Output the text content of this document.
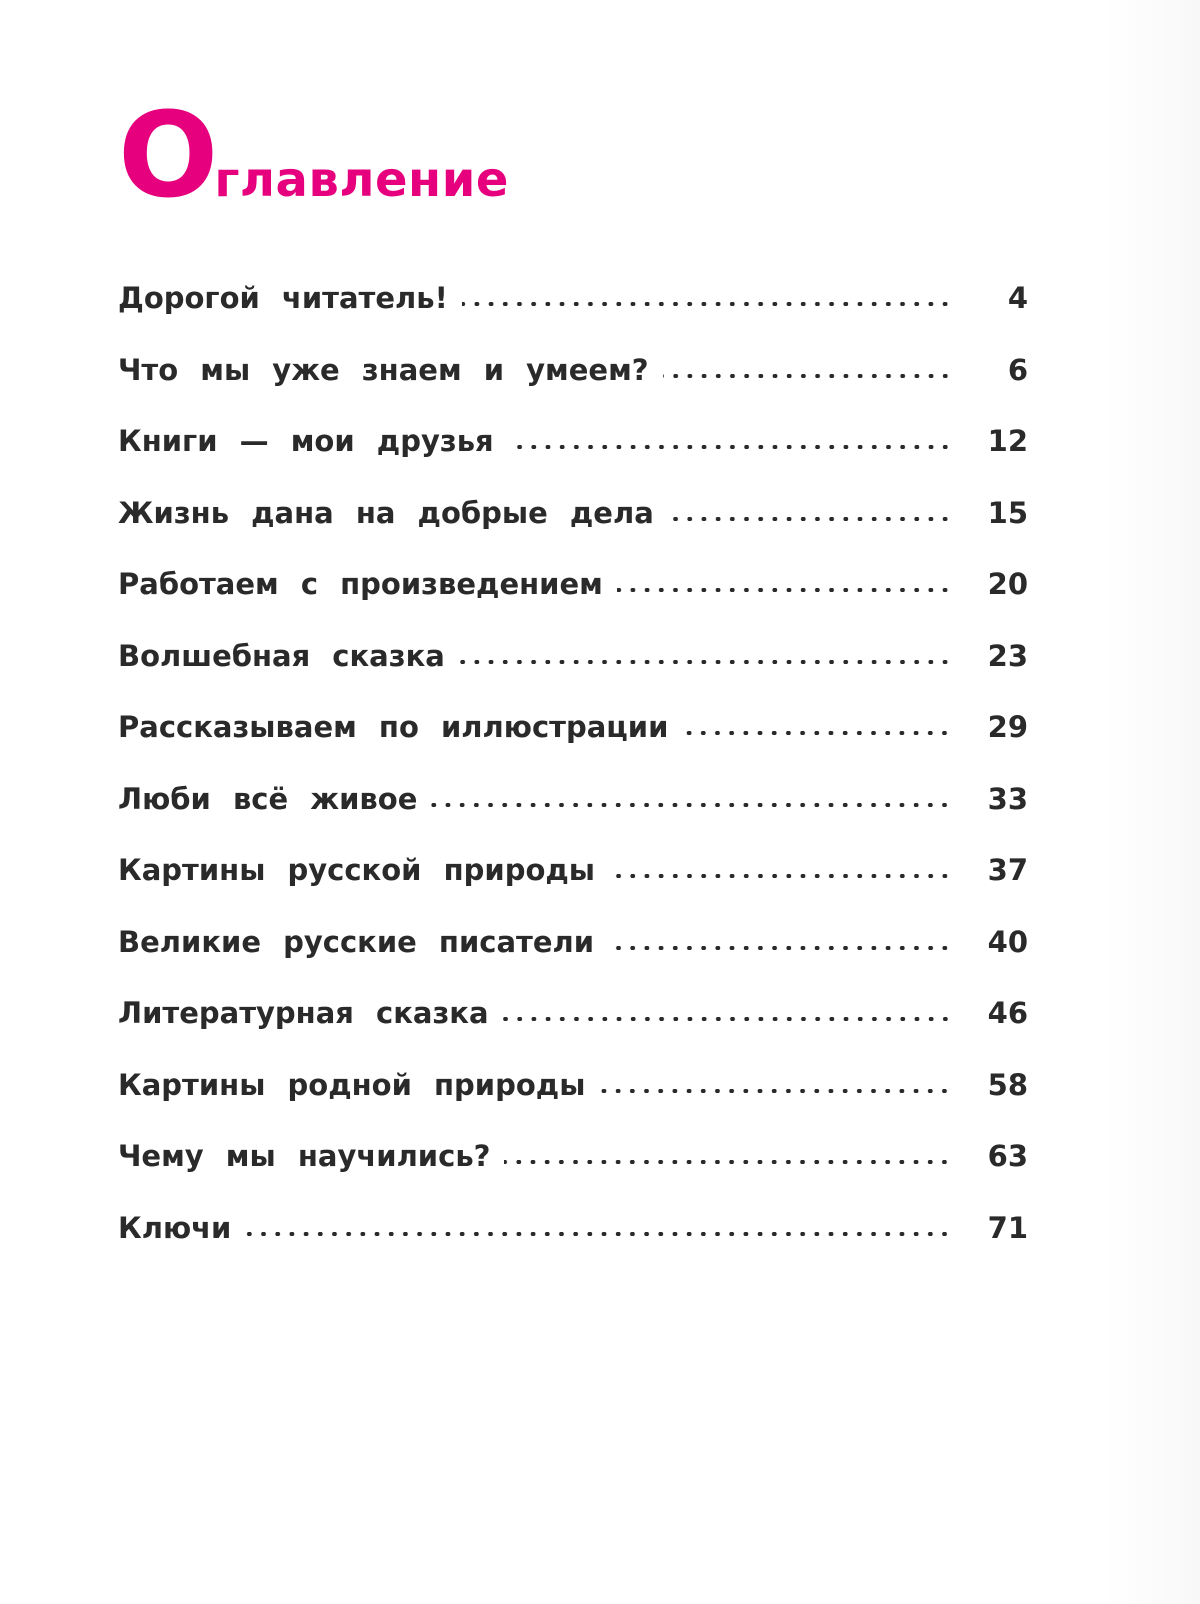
Оглавление
Дорогой читатель!	4
Что мы уже знаем и умеем?	6
Книги — мои друзья	12
Жизнь дана на добрые дела	15
Работаем с произведением	20
Волшебная сказка	23
Рассказываем по иллюстрации	29
Люби всё живое	33
Картины русской природы	37
Великие русские писатели	40
Литературная сказка	46
Картины родной природы	58
Чему мы научились?	63
Ключи	71
